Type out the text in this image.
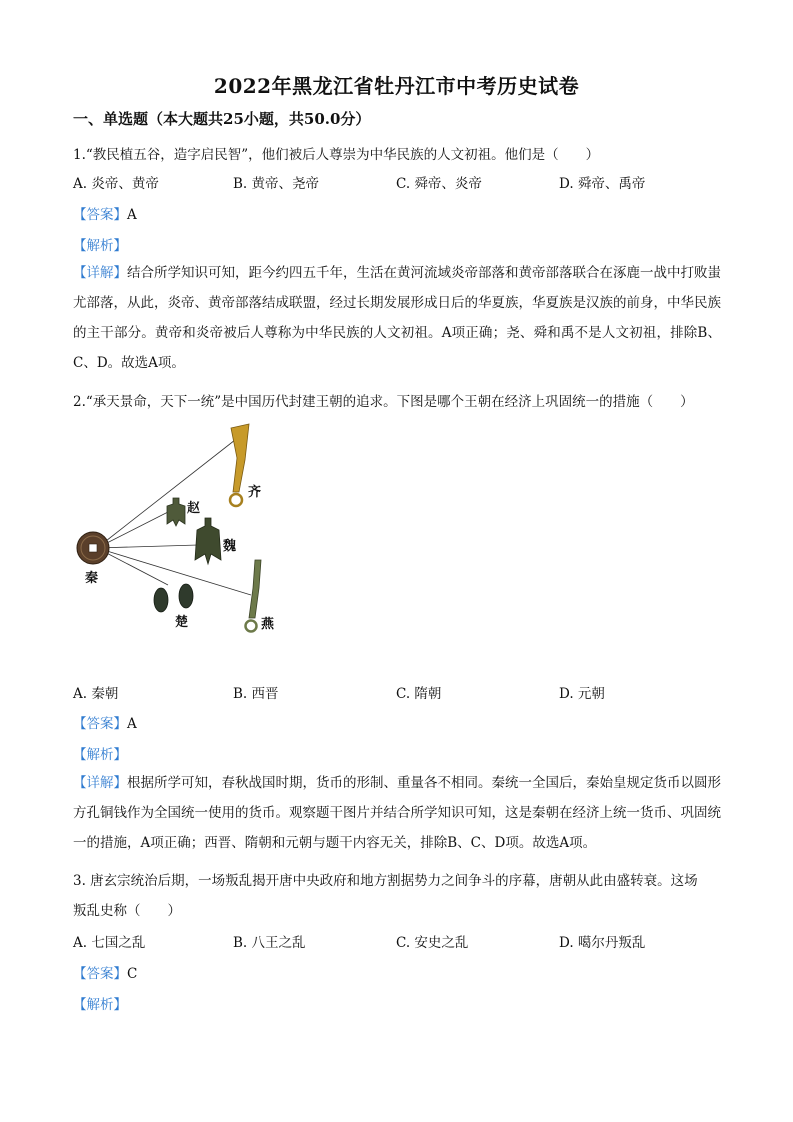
2022年黑龙江省牡丹江市中考历史试卷
一、单选题（本大题共25小题，共50.0分）
1.“教民植五谷，造字启民智”，他们被后人尊崇为中华民族的人文初祖。他们是（　　）
A. 炎帝、黄帝	B. 黄帝、尧帝	C. 舜帝、炎帝	D. 舜帝、禹帝
【答案】A
【解析】
【详解】结合所学知识可知，距今约四五千年，生活在黄河流域炎帝部落和黄帝部落联合在涿鹿一战中打败蚩尤部落，从此，炎帝、黄帝部落结成联盟，经过长期发展形成日后的华夏族，华夏族是汉族的前身，中华民族的主干部分。黄帝和炎帝被后人尊称为中华民族的人文初祖。A项正确；尧、舜和禹不是人文初祖，排除B、C、D。故选A项。
2.“承天景命，天下一统”是中国历代封建王朝的追求。下图是哪个王朝在经济上巩固统一的措施（　　）
齐
赵
魏
秦
楚	燕
A. 秦朝	B. 西晋	C. 隋朝	D. 元朝
【答案】A
【解析】
【详解】根据所学可知，春秋战国时期，货币的形制、重量各不相同。秦统一全国后，秦始皇规定货币以圆形方孔铜钱作为全国统一使用的货币。观察题干图片并结合所学知识可知，这是秦朝在经济上统一货币、巩固统一的措施，A项正确；西晋、隋朝和元朝与题干内容无关，排除B、C、D项。故选A项。
3. 唐玄宗统治后期，一场叛乱揭开唐中央政府和地方割据势力之间争斗的序幕，唐朝从此由盛转衰。这场
叛乱史称（　　）
A. 七国之乱	B. 八王之乱	C. 安史之乱	D. 噶尔丹叛乱
【答案】C
【解析】
